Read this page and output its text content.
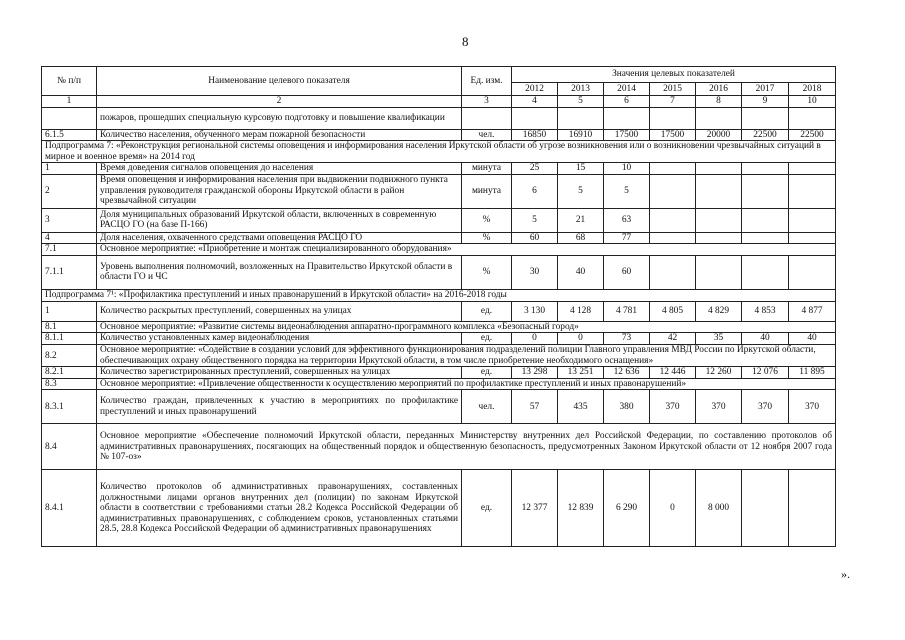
8
№ п/п	Наименование целевого показателя	Ед. изм.	Значения целевых показателей						
			2012	2013	2014	2015	2016	2017	2018
1	2	3	4	5	6	7	8	9	10
	пожаров, прошедших специальную курсовую подготовку и повышение квалификации								
6.1.5	Количество населения, обученного мерам пожарной безопасности	чел.	16850	16910	17500	17500	20000	22500	22500
Подпрограмма 7: «Реконструкция региональной системы оповещения и информирования населения Иркутской области об угрозе возникновения или о возникновении чрезвычайных ситуаций в мирное и военное время» на 2014 год									
1	Время доведения сигналов оповещения до населения	минута	25	15	10				
2	Время оповещения и информирования населения при выдвижении подвижного пункта управления руководителя гражданской обороны Иркутской области в район чрезвычайной ситуации	минута	6	5	5				
3	Доля муниципальных образований Иркутской области, включенных в современную РАСЦО ГО (на базе П-166)	%	5	21	63				
4	Доля населения, охваченного средствами оповещения РАСЦО ГО	%	60	68	77				
7.1	Основное мероприятие: «Приобретение и монтаж специализированного оборудования»								
7.1.1	Уровень выполнения полномочий, возложенных на Правительство Иркутской области в области ГО и ЧС	%	30	40	60				
Подпрограмма 7¹: «Профилактика преступлений и иных правонарушений в Иркутской области» на 2016-2018 годы									
1	Количество раскрытых преступлений, совершенных на улицах	ед.	3 130	4 128	4 781	4 805	4 829	4 853	4 877
8.1	Основное мероприятие: «Развитие системы видеонаблюдения аппаратно-программного комплекса «Безопасный город»								
8.1.1	Количество установленных камер видеонаблюдения	ед.	0	0	73	42	35	40	40
8.2	Основное мероприятие: «Содействие в создании условий для эффективного функционирования подразделений полиции Главного управления МВД России по Иркутской области, обеспечивающих охрану общественного порядка на территории Иркутской области, в том числе приобретение необходимого оснащения»								
8.2.1	Количество зарегистрированных преступлений, совершенных на улицах	ед.	13 298	13 251	12 636	12 446	12 260	12 076	11 895
8.3	Основное мероприятие: «Привлечение общественности к осуществлению мероприятий по профилактике преступлений и иных правонарушений»								
8.3.1	Количество граждан, привлеченных к участию в мероприятиях по профилактике преступлений и иных правонарушений	чел.	57	435	380	370	370	370	370
8.4	Основное мероприятие «Обеспечение полномочий Иркутской области, переданных Министерству внутренних дел Российской Федерации, по составлению протоколов об административных правонарушениях, посягающих на общественный порядок и общественную безопасность, предусмотренных Законом Иркутской области от 12 ноября 2007 года № 107-оз»								
8.4.1	Количество протоколов об административных правонарушениях, составленных должностными лицами органов внутренних дел (полиции) по законам Иркутской области в соответствии с требованиями статьи 28.2 Кодекса Российской Федерации об административных правонарушениях, с соблюдением сроков, установленных статьями 28.5, 28.8 Кодекса Российской Федерации об административных правонарушениях	ед.	12 377	12 839	6 290	0	8 000		
».
